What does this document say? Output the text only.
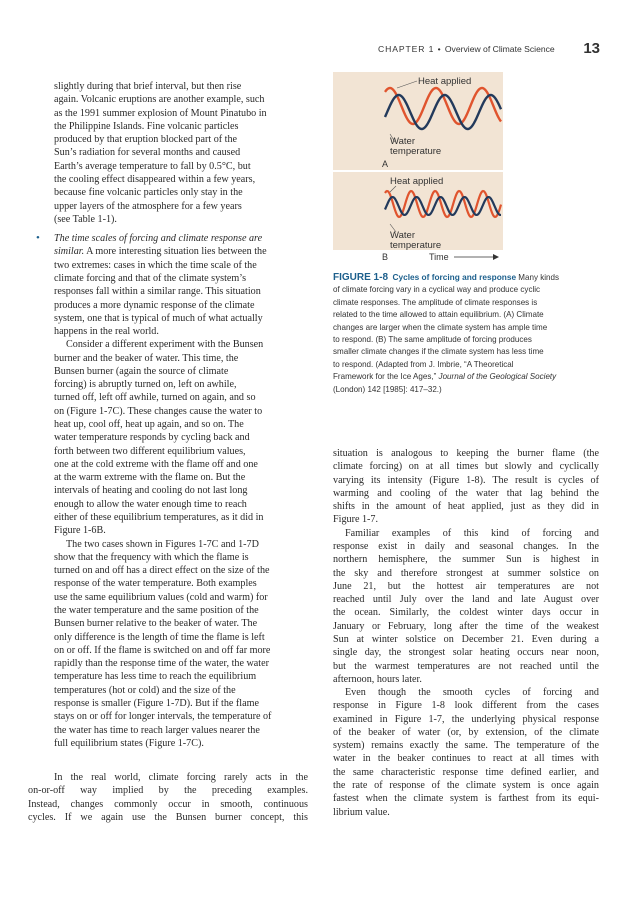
CHAPTER 1 • Overview of Climate Science 13
Heat applied
Water
temperature
A
Heat applied
Water
temperature
B	Time
FIGURE 1-8 Cycles of forcing and response Many kinds
of climate forcing vary in a cyclical way and produce cyclic
climate responses. The amplitude of climate responses is
related to the time allowed to attain equilibrium. (A) Climate
changes are larger when the climate system has ample time
to respond. (B) The same amplitude of forcing produces
smaller climate changes if the climate system has less time
to respond. (Adapted from J. Imbrie, “A Theoretical
Framework for the Ice Ages,” Journal of the Geological Society
(London) 142 [1985]: 417–32.)

slightly during that brief interval, but then rise
again. Volcanic eruptions are another example, such
as the 1991 summer explosion of Mount Pinatubo in
the Philippine Islands. Fine volcanic particles
produced by that eruption blocked part of the
Sun’s radiation for several months and caused
Earth’s average temperature to fall by 0.5°C, but
the cooling effect disappeared within a few years,
because fine volcanic particles only stay in the
upper layers of the atmosphere for a few years
(see Table 1-1).

• The time scales of forcing and climate response are
similar. A more interesting situation lies between the
two extremes: cases in which the time scale of the
climate forcing and that of the climate system’s
responses fall within a similar range. This situation
produces a more dynamic response of the climate
system, one that is typical of much of what actually
happens in the real world.

Consider a different experiment with the Bunsen
burner and the beaker of water. This time, the
Bunsen burner (again the source of climate
forcing) is abruptly turned on, left on awhile,
turned off, left off awhile, turned on again, and so
on (Figure 1-7C). These changes cause the water to
heat up, cool off, heat up again, and so on. The
water temperature responds by cycling back and
forth between two different equilibrium values,
one at the cold extreme with the flame off and one
at the warm extreme with the flame on. But the
intervals of heating and cooling do not last long
enough to allow the water enough time to reach
either of these equilibrium temperatures, as it did in
Figure 1-6B.

The two cases shown in Figures 1-7C and 1-7D
show that the frequency with which the flame is
turned on and off has a direct effect on the size of the
response of the water temperature. Both examples
use the same equilibrium values (cold and warm) for
the water temperature and the same position of the
Bunsen burner relative to the beaker of water. The
only difference is the length of time the flame is left
on or off. If the flame is switched on and off far more
rapidly than the response time of the water, the water
temperature has less time to reach the equilibrium
temperatures (hot or cold) and the size of the
response is smaller (Figure 1-7D). But if the flame
stays on or off for longer intervals, the temperature of
the water has time to reach larger values nearer the
full equilibrium states (Figure 1-7C).

In the real world, climate forcing rarely acts in the
on-or-off way implied by the preceding examples.
Instead, changes commonly occur in smooth, continuous
cycles. If we again use the Bunsen burner concept, this

situation is analogous to keeping the burner flame (the
climate forcing) on at all times but slowly and cyclically
varying its intensity (Figure 1-8). The result is cycles of
warming and cooling of the water that lag behind the
shifts in the amount of heat applied, just as they did in
Figure 1-7.

Familiar examples of this kind of forcing and
response exist in daily and seasonal changes. In the
northern hemisphere, the summer Sun is highest in
the sky and therefore strongest at summer solstice on
June 21, but the hottest air temperatures are not
reached until July over the land and late August over
the ocean. Similarly, the coldest winter days occur in
January or February, long after the time of the weakest
Sun at winter solstice on December 21. Even during a
single day, the strongest solar heating occurs near noon,
but the warmest temperatures are not reached until the
afternoon, hours later.

Even though the smooth cycles of forcing and
response in Figure 1-8 look different from the cases
examined in Figure 1-7, the underlying physical response
of the beaker of water (or, by extension, of the climate
system) remains exactly the same. The temperature of the
water in the beaker continues to react at all times with
the same characteristic response time defined earlier, and
the rate of response of the climate system is once again
fastest when the climate system is farthest from its equi-
librium value.
